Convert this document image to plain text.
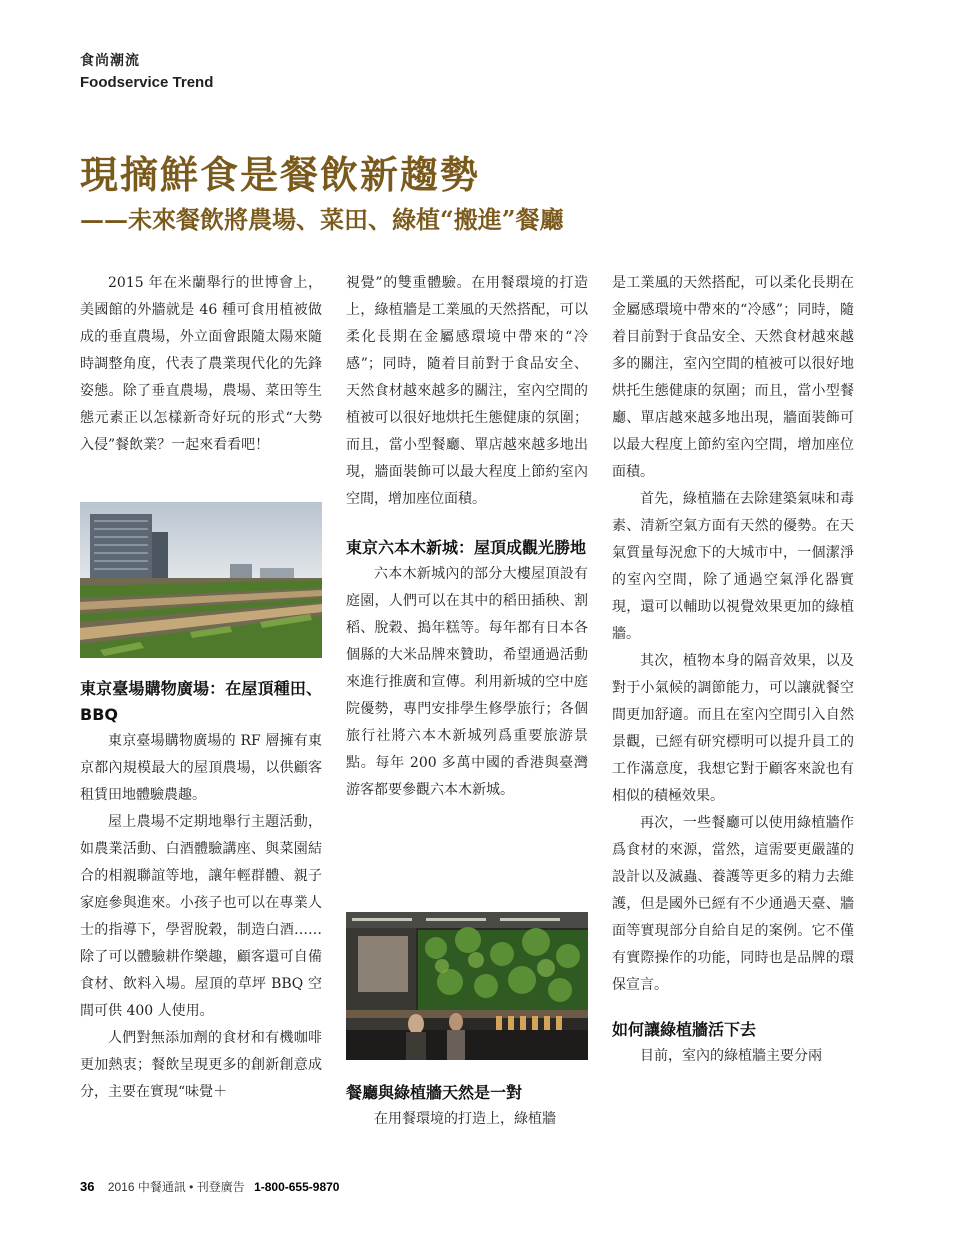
食尚潮流
Foodservice Trend
現摘鮮食是餐飲新趨勢
——未來餐飲將農場、菜田、綠植“搬進”餐廳

2015 年在米蘭舉行的世博會上，美國館的外牆就是 46 種可食用植被做成的垂直農場，外立面會跟隨太陽來隨時調整角度，代表了農業現代化的先鋒姿態。除了垂直農場，農場、菜田等生態元素正以怎樣新奇好玩的形式“大勢入侵”餐飲業？一起來看看吧！

東京臺場購物廣場：在屋頂種田、BBQ

東京臺場購物廣場的 RF 層擁有東京都內規模最大的屋頂農場，以供顧客租賃田地體驗農趣。

屋上農場不定期地舉行主題活動，如農業活動、白酒體驗講座、與菜園結合的相親聯誼等地，讓年輕群體、親子家庭參與進來。小孩子也可以在專業人士的指導下，學習脫穀，制造白酒……除了可以體驗耕作樂趣，顧客還可自備食材、飲料入場。屋頂的草坪 BBQ 空間可供 400 人使用。

人們對無添加劑的食材和有機咖啡更加熱衷；餐飲呈現更多的創新創意成分，主要在實現“味覺＋

視覺”的雙重體驗。在用餐環境的打造上，綠植牆是工業風的天然搭配，可以柔化長期在金屬感環境中帶來的“冷感”；同時，隨着目前對于食品安全、天然食材越來越多的關注，室內空間的植被可以很好地烘托生態健康的氛圍；而且，當小型餐廳、單店越來越多地出現，牆面裝飾可以最大程度上節約室內空間，增加座位面積。

東京六本木新城：屋頂成觀光勝地

六本木新城內的部分大樓屋頂設有庭園，人們可以在其中的稻田插秧、割稻、脫穀、搗年糕等。每年都有日本各個縣的大米品牌來贊助，希望通過活動來進行推廣和宣傳。利用新城的空中庭院優勢，專門安排學生修學旅行；各個旅行社將六本木新城列爲重要旅游景點。每年 200 多萬中國的香港與臺灣游客都要參觀六本木新城。

餐廳與綠植牆天然是一對

在用餐環境的打造上，綠植牆

是工業風的天然搭配，可以柔化長期在金屬感環境中帶來的“冷感”；同時，隨着目前對于食品安全、天然食材越來越多的關注，室內空間的植被可以很好地烘托生態健康的氛圍；而且，當小型餐廳、單店越來越多地出現，牆面裝飾可以最大程度上節約室內空間，增加座位面積。

首先，綠植牆在去除建築氣味和毒素、清新空氣方面有天然的優勢。在天氣質量每況愈下的大城市中，一個潔淨的室內空間，除了通過空氣淨化器實現，還可以輔助以視覺效果更加的綠植牆。

其次，植物本身的隔音效果，以及對于小氣候的調節能力，可以讓就餐空間更加舒適。而且在室內空間引入自然景觀，已經有研究標明可以提升員工的工作滿意度，我想它對于顧客來說也有相似的積極效果。

再次，一些餐廳可以使用綠植牆作爲食材的來源，當然，這需要更嚴謹的設計以及滅蟲、養護等更多的精力去維護，但是國外已經有不少通過天臺、牆面等實現部分自給自足的案例。它不僅有實際操作的功能，同時也是品牌的環保宣言。

如何讓綠植牆活下去

目前，室內的綠植牆主要分兩

36 2016 中餐通訊 • 刊登廣告 1-800-655-9870
